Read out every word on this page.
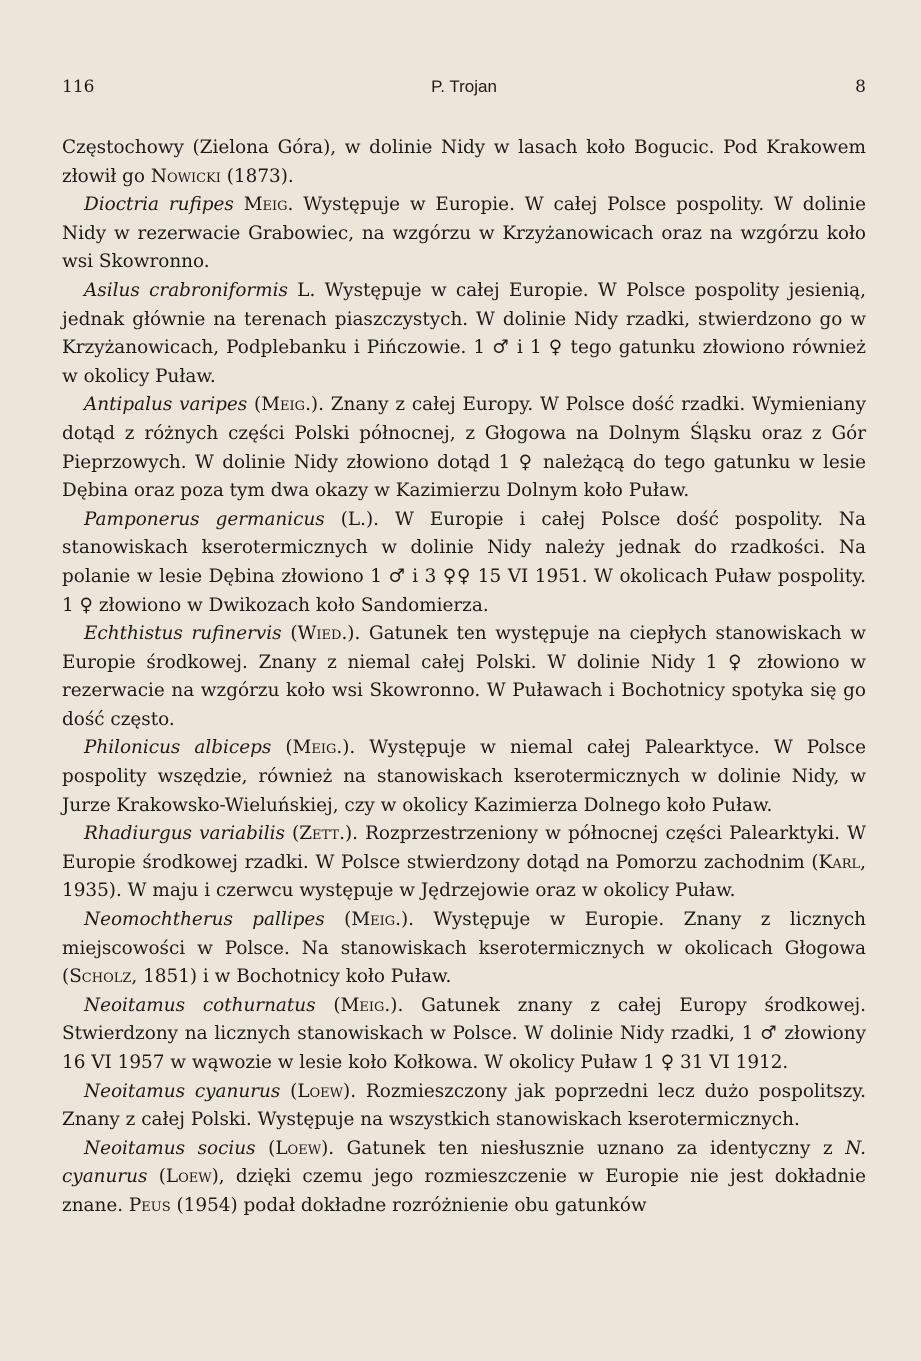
116	P. Trojan	8

Częstochowy (Zielona Góra), w dolinie Nidy w lasach koło Bogucic. Pod Krakowem złowił go Nowicki (1873).

Dioctria rufipes Meig. Występuje w Europie. W całej Polsce pospolity. W dolinie Nidy w rezerwacie Grabowiec, na wzgórzu w Krzyżanowicach oraz na wzgórzu koło wsi Skowronno.

Asilus crabroniformis L. Występuje w całej Europie. W Polsce pospolity jesienią, jednak głównie na terenach piaszczystych. W dolinie Nidy rzadki, stwierdzono go w Krzyżanowicach, Podplebanku i Pińczowie. 1 ♂ i 1 ♀ tego gatunku złowiono również w okolicy Puław.

Antipalus varipes (Meig.). Znany z całej Europy. W Polsce dość rzadki. Wymieniany dotąd z różnych części Polski północnej, z Głogowa na Dolnym Śląsku oraz z Gór Pieprzowych. W dolinie Nidy złowiono dotąd 1 ♀ należącą do tego gatunku w lesie Dębina oraz poza tym dwa okazy w Kazimierzu Dolnym koło Puław.

Pamponerus germanicus (L.). W Europie i całej Polsce dość pospolity. Na stanowiskach kserotermicznych w dolinie Nidy należy jednak do rzadkości. Na polanie w lesie Dębina złowiono 1 ♂ i 3 ♀♀ 15 VI 1951. W okolicach Puław pospolity. 1 ♀ złowiono w Dwikozach koło Sandomierza.

Echthistus rufinervis (Wied.). Gatunek ten występuje na ciepłych stanowiskach w Europie środkowej. Znany z niemal całej Polski. W dolinie Nidy 1 ♀ złowiono w rezerwacie na wzgórzu koło wsi Skowronno. W Puławach i Bochotnicy spotyka się go dość często.

Philonicus albiceps (Meig.). Występuje w niemal całej Palearktyce. W Polsce pospolity wszędzie, również na stanowiskach kserotermicznych w dolinie Nidy, w Jurze Krakowsko-Wieluńskiej, czy w okolicy Kazimierza Dolnego koło Puław.

Rhadiurgus variabilis (Zett.). Rozprzestrzeniony w północnej części Palearktyki. W Europie środkowej rzadki. W Polsce stwierdzony dotąd na Pomorzu zachodnim (Karl, 1935). W maju i czerwcu występuje w Jędrzejowie oraz w okolicy Puław.

Neomochtherus pallipes (Meig.). Występuje w Europie. Znany z licznych miejscowości w Polsce. Na stanowiskach kserotermicznych w okolicach Głogowa (Scholz, 1851) i w Bochotnicy koło Puław.

Neoitamus cothurnatus (Meig.). Gatunek znany z całej Europy środkowej. Stwierdzony na licznych stanowiskach w Polsce. W dolinie Nidy rzadki, 1 ♂ złowiony 16 VI 1957 w wąwozie w lesie koło Kołkowa. W okolicy Puław 1 ♀ 31 VI 1912.

Neoitamus cyanurus (Loew). Rozmieszczony jak poprzedni lecz dużo pospolitszy. Znany z całej Polski. Występuje na wszystkich stanowiskach kserotermicznych.

Neoitamus socius (Loew). Gatunek ten niesłusznie uznano za identyczny z N. cyanurus (Loew), dzięki czemu jego rozmieszczenie w Europie nie jest dokładnie znane. Peus (1954) podał dokładne rozróżnienie obu gatunków
